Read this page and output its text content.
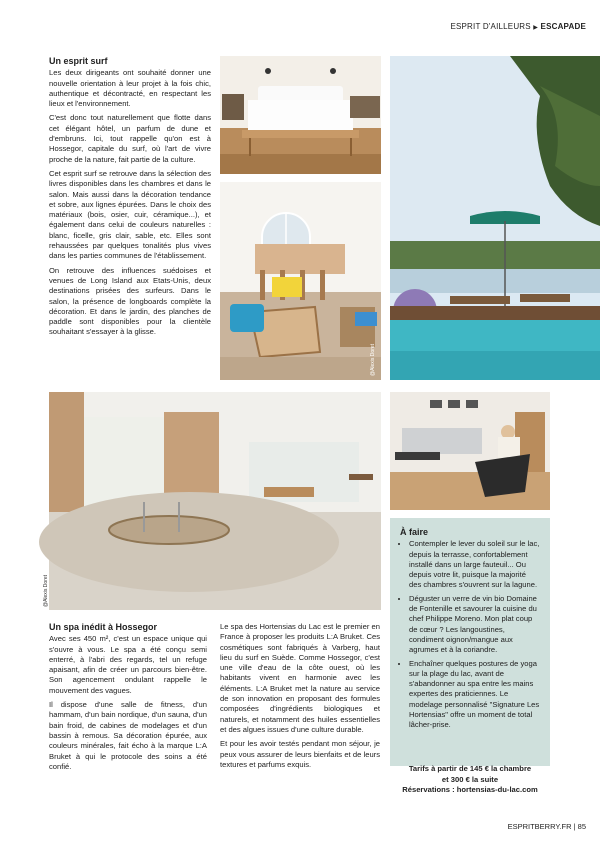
ESPRIT D'AILLEURS ▶ ESCAPADE
Un esprit surf

Les deux dirigeants ont souhaité donner une nouvelle orientation à leur projet à la fois chic, authentique et décontracté, en respectant les lieux et l'environnement.

C'est donc tout naturellement que flotte dans cet élégant hôtel, un parfum de dune et d'embruns. Ici, tout rappelle qu'on est à Hossegor, capitale du surf, où l'art de vivre proche de la nature, fait partie de la culture.

Cet esprit surf se retrouve dans la sélection des livres disponibles dans les chambres et dans le salon. Mais aussi dans la décoration tendance et sobre, aux lignes épurées. Dans le choix des matériaux (bois, osier, cuir, céramique...), et également dans celui de couleurs naturelles : blanc, ficelle, gris clair, sable, etc. Elles sont rehaussées par quelques tonalités plus vives dans les parties communes de l'établissement.

On retrouve des influences suédoises et venues de Long Island aux Etats-Unis, deux destinations prisées des surfeurs. Dans le salon, la présence de longboards complète la décoration. Et dans le jardin, des planches de paddle sont disponibles pour la clientèle souhaitant s'essayer à la glisse.

@Alexis Doret
@Alexis Doret
Un spa inédit à Hossegor

Avec ses 450 m², c'est un espace unique qui s'ouvre à vous. Le spa a été conçu semi enterré, à l'abri des regards, tel un refuge apaisant, afin de créer un parcours bien-être. Son agencement ondulant rappelle le mouvement des vagues.

Il dispose d'une salle de fitness, d'un hammam, d'un bain nordique, d'un sauna, d'un bain froid, de cabines de modelages et d'un bassin à remous. Sa décoration épurée, aux couleurs minérales, fait écho à la marque L:A Bruket à qui le protocole des soins a été confié.

Le spa des Hortensias du Lac est le premier en France à proposer les produits L:A Bruket. Ces cosmétiques sont fabriqués à Varberg, haut lieu du surf en Suède. Comme Hossegor, c'est une ville d'eau de la côte ouest, où les habitants vivent en harmonie avec les éléments. L:A Bruket met la nature au service de son innovation en proposant des formules composées d'ingrédients biologiques et naturels, et notamment des huiles essentielles et des algues issues d'une culture durable.

Et pour les avoir testés pendant mon séjour, je peux vous assurer de leurs bienfaits et de leurs textures et parfums exquis.

À faire
• Contempler le lever du soleil sur le lac, depuis la terrasse, confortablement installé dans un large fauteuil... Ou depuis votre lit, puisque la majorité des chambres s'ouvrent sur la lagune.
• Déguster un verre de vin bio Domaine de Fontenille et savourer la cuisine du chef Philippe Moreno. Mon plat coup de cœur ? Les langoustines, condiment oignon/mangue aux agrumes et à la coriandre.
• Enchaîner quelques postures de yoga sur la plage du lac, avant de s'abandonner au spa entre les mains expertes des praticiennes. Le modelage personnalisé "Signature Les Hortensias" offre un moment de total lâcher-prise.
Tarifs à partir de 145 € la chambre
et 300 € la suite
Réservations : hortensias-du-lac.com
ESPRITBERRY.FR | 85
